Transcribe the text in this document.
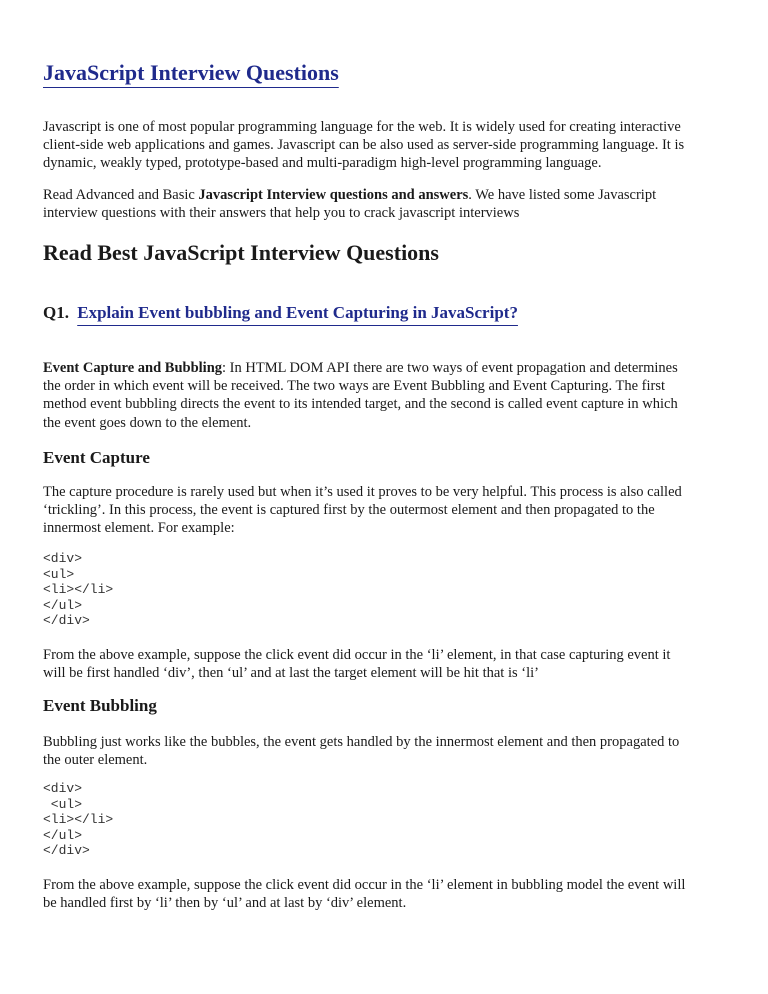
JavaScript Interview Questions

Javascript is one of most popular programming language for the web. It is widely used for creating interactive
client-side web applications and games. Javascript can be also used as server-side programming language. It is
dynamic, weakly typed, prototype-based and multi-paradigm high-level programming language.

Read Advanced and Basic Javascript Interview questions and answers. We have listed some Javascript
interview questions with their answers that help you to crack javascript interviews

Read Best JavaScript Interview Questions
Q1. Explain Event bubbling and Event Capturing in JavaScript?

Event Capture and Bubbling: In HTML DOM API there are two ways of event propagation and determines
the order in which event will be received. The two ways are Event Bubbling and Event Capturing. The first
method event bubbling directs the event to its intended target, and the second is called event capture in which
the event goes down to the element.

Event Capture

The capture procedure is rarely used but when it’s used it proves to be very helpful. This process is also called
‘trickling’. In this process, the event is captured first by the outermost element and then propagated to the
innermost element. For example:

<div>
<ul>
<li></li>
</ul>
</div>

From the above example, suppose the click event did occur in the ‘li’ element, in that case capturing event it
will be first handled ‘div’, then ‘ul’ and at last the target element will be hit that is ‘li’

Event Bubbling

Bubbling just works like the bubbles, the event gets handled by the innermost element and then propagated to
the outer element.

<div>
<ul>
<li></li>
</ul>
</div>

From the above example, suppose the click event did occur in the ‘li’ element in bubbling model the event will
be handled first by ‘li’ then by ‘ul’ and at last by ‘div’ element.
